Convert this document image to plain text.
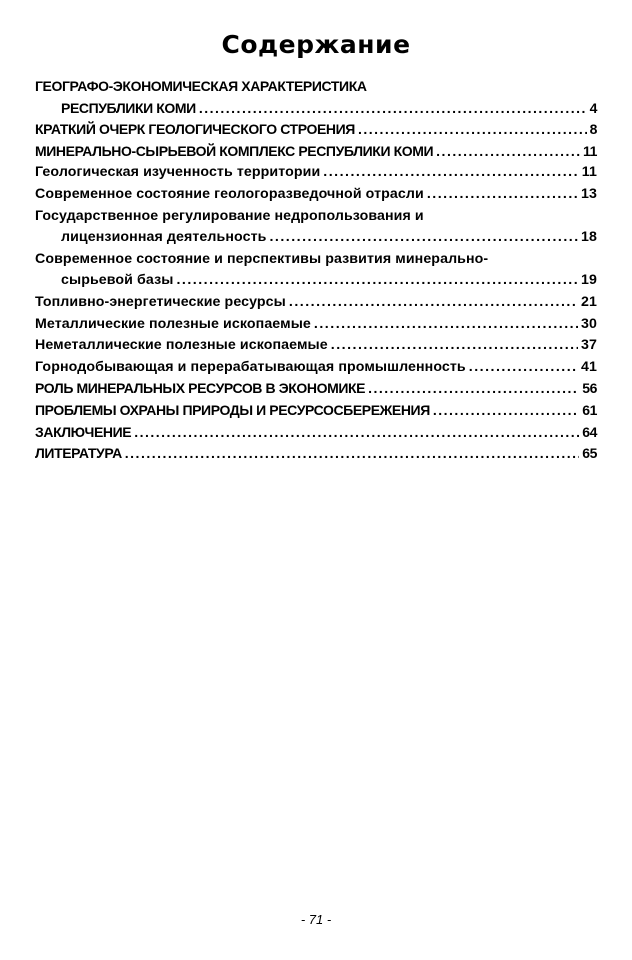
Содержание
ГЕОГРАФО-ЭКОНОМИЧЕСКАЯ ХАРАКТЕРИСТИКА
РЕСПУБЛИКИ КОМИ .....	4
КРАТКИЙ ОЧЕРК ГЕОЛОГИЧЕСКОГО СТРОЕНИЯ .....	8
МИНЕРАЛЬНО-СЫРЬЕВОЙ КОМПЛЕКС РЕСПУБЛИКИ КОМИ .....	11
Геологическая изученность территории .....	11
Современное состояние геологоразведочной отрасли .....	13
Государственное регулирование недропользования и
лицензионная деятельность .....	18
Современное состояние и перспективы развития минерально-
сырьевой базы .....	19
Топливно-энергетические ресурсы .....	21
Металлические полезные ископаемые .....	30
Неметаллические полезные ископаемые .....	37
Горнодобывающая и перерабатывающая промышленность .....	41
РОЛЬ МИНЕРАЛЬНЫХ РЕСУРСОВ В ЭКОНОМИКЕ .....	56
ПРОБЛЕМЫ ОХРАНЫ ПРИРОДЫ И РЕСУРСОСБЕРЕЖЕНИЯ .....	61
ЗАКЛЮЧЕНИЕ .....	64
ЛИТЕРАТУРА .....	65
- 71 -
